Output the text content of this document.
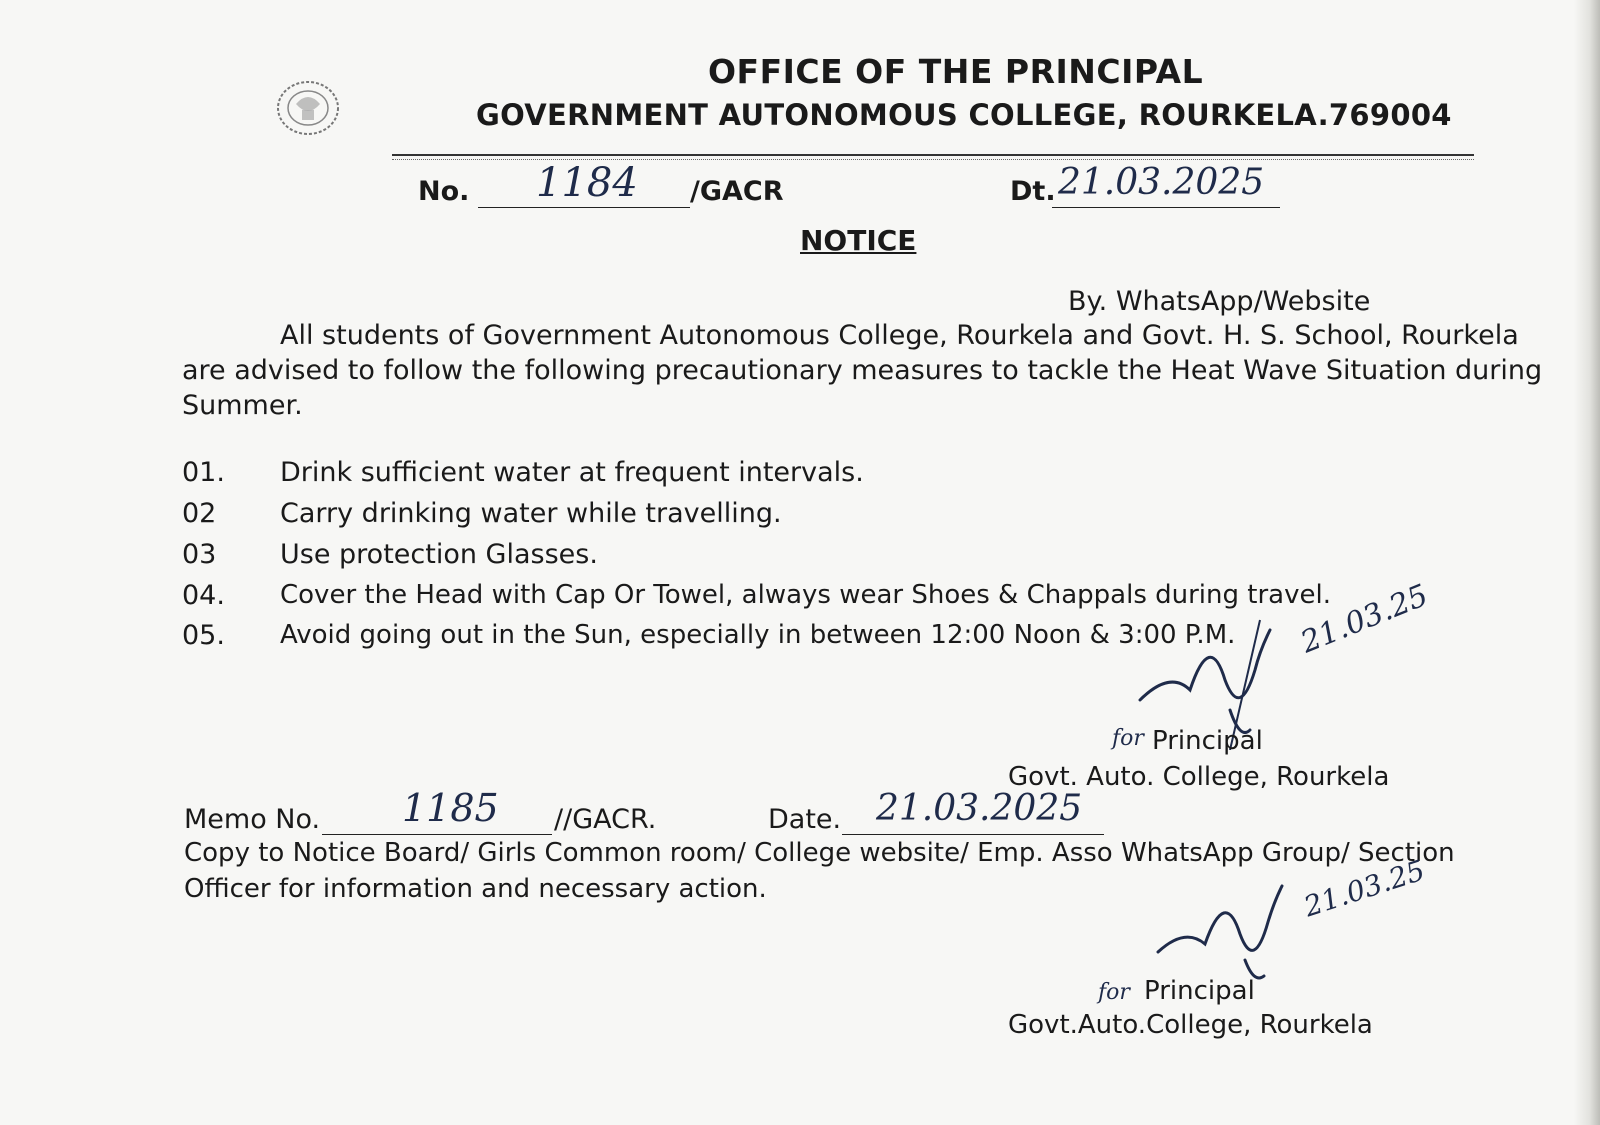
OFFICE OF THE PRINCIPAL
GOVERNMENT AUTONOMOUS COLLEGE, ROURKELA.769004
No. 1184 /GACR	Dt. 21.03.2025
NOTICE
By. WhatsApp/Website
All students of Government Autonomous College, Rourkela and Govt. H. S. School, Rourkela
are advised to follow the following precautionary measures to tackle the Heat Wave Situation during
Summer.
01. Drink sufficient water at frequent intervals.
02 Carry drinking water while travelling.
03 Use protection Glasses.
04. Cover the Head with Cap Or Towel, always wear Shoes & Chappals during travel.
05. Avoid going out in the Sun, especially in between 12:00 Noon & 3:00 P.M. 21.03.25
for Principal
Govt. Auto. College, Rourkela
Memo No. 1185 //GACR.	Date. 21.03.2025
Copy to Notice Board/ Girls Common room/ College website/ Emp. Asso WhatsApp Group/ Section
Officer for information and necessary action.	21.03.25
for Principal
Govt.Auto.College, Rourkela
